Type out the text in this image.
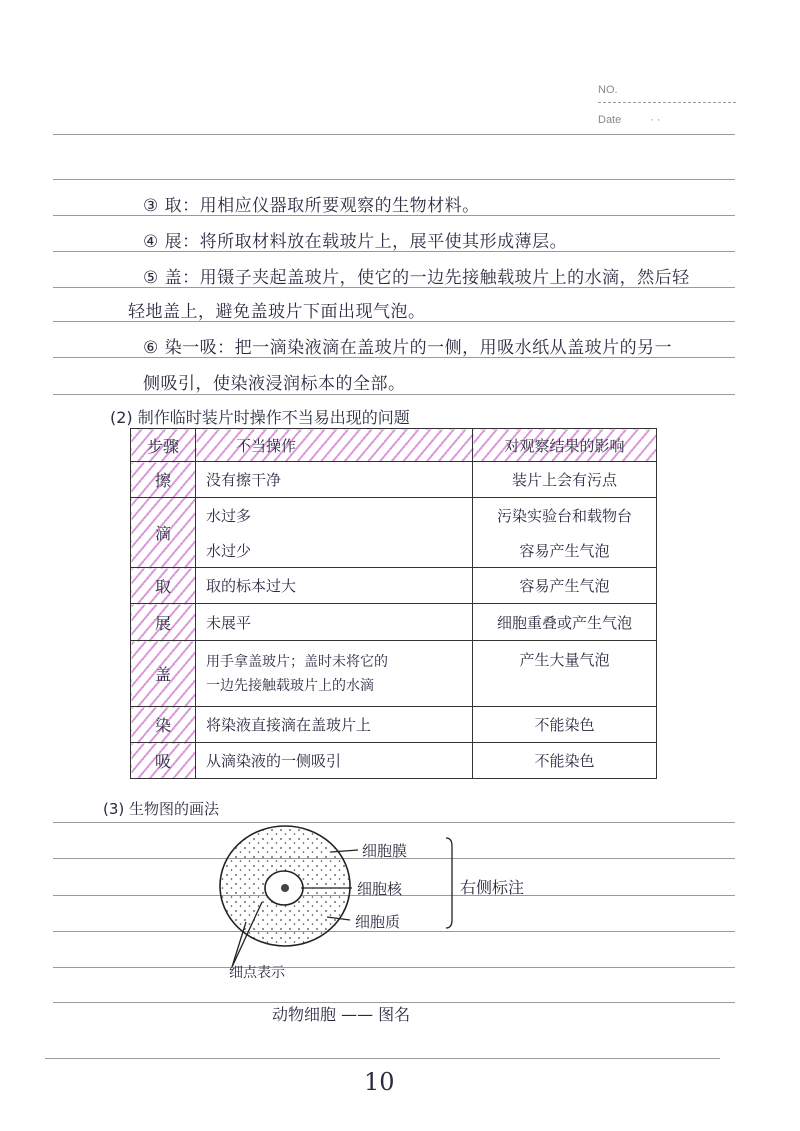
NO.
Date	· ·
③ 取：用相应仪器取所要观察的生物材料。
④ 展：将所取材料放在载玻片上，展平使其形成薄层。
⑤ 盖：用镊子夹起盖玻片，使它的一边先接触载玻片上的水滴，然后轻
轻地盖上，避免盖玻片下面出现气泡。
⑥ 染一吸：把一滴染液滴在盖玻片的一侧，用吸水纸从盖玻片的另一
侧吸引，使染液浸润标本的全部。
(2) 制作临时装片时操作不当易出现的问题
步骤	不当操作	对观察结果的影响
擦	没有擦干净	装片上会有污点
滴	水过多	污染实验台和载物台
	水过少	容易产生气泡
取	取的标本过大	容易产生气泡
展	未展平	细胞重叠或产生气泡
盖	用手拿盖玻片；盖时未将它的
一边先接触载玻片上的水滴	产生大量气泡
染	将染液直接滴在盖玻片上	不能染色
吸	从滴染液的一侧吸引	不能染色
(3) 生物图的画法
细胞膜
细胞核
细胞质
右侧标注
细点表示
动物细胞 —— 图名
10
